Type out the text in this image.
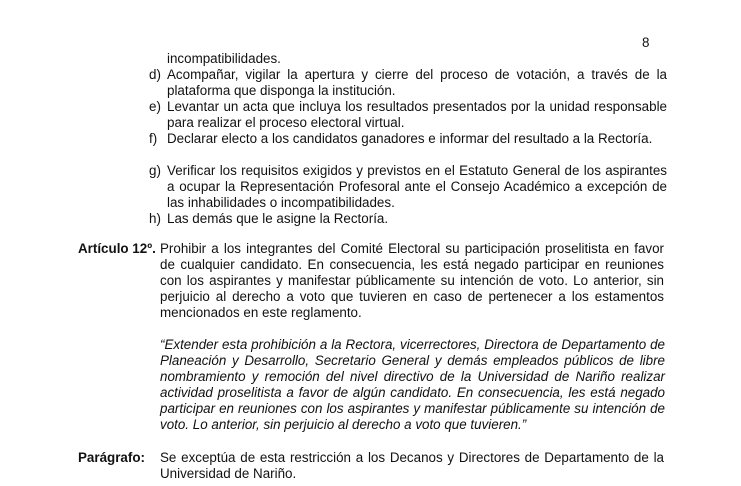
8
incompatibilidades.
d) Acompañar, vigilar la apertura y cierre del proceso de votación, a través de la plataforma que disponga la institución.
e) Levantar un acta que incluya los resultados presentados por la unidad responsable para realizar el proceso electoral virtual.
f) Declarar electo a los candidatos ganadores e informar del resultado a la Rectoría.
g) Verificar los requisitos exigidos y previstos en el Estatuto General de los aspirantes a ocupar la Representación Profesoral ante el Consejo Académico a excepción de las inhabilidades o incompatibilidades.
h) Las demás que le asigne la Rectoría.
Artículo 12º. Prohibir a los integrantes del Comité Electoral su participación proselitista en favor de cualquier candidato. En consecuencia, les está negado participar en reuniones con los aspirantes y manifestar públicamente su intención de voto. Lo anterior, sin perjuicio al derecho a voto que tuvieren en caso de pertenecer a los estamentos mencionados en este reglamento.
“Extender esta prohibición a la Rectora, vicerrectores, Directora de Departamento de Planeación y Desarrollo, Secretario General y demás empleados públicos de libre nombramiento y remoción del nivel directivo de la Universidad de Nariño realizar actividad proselitista a favor de algún candidato. En consecuencia, les está negado participar en reuniones con los aspirantes y manifestar públicamente su intención de voto. Lo anterior, sin perjuicio al derecho a voto que tuvieren.”
Parágrafo: Se exceptúa de esta restricción a los Decanos y Directores de Departamento de la Universidad de Nariño.
